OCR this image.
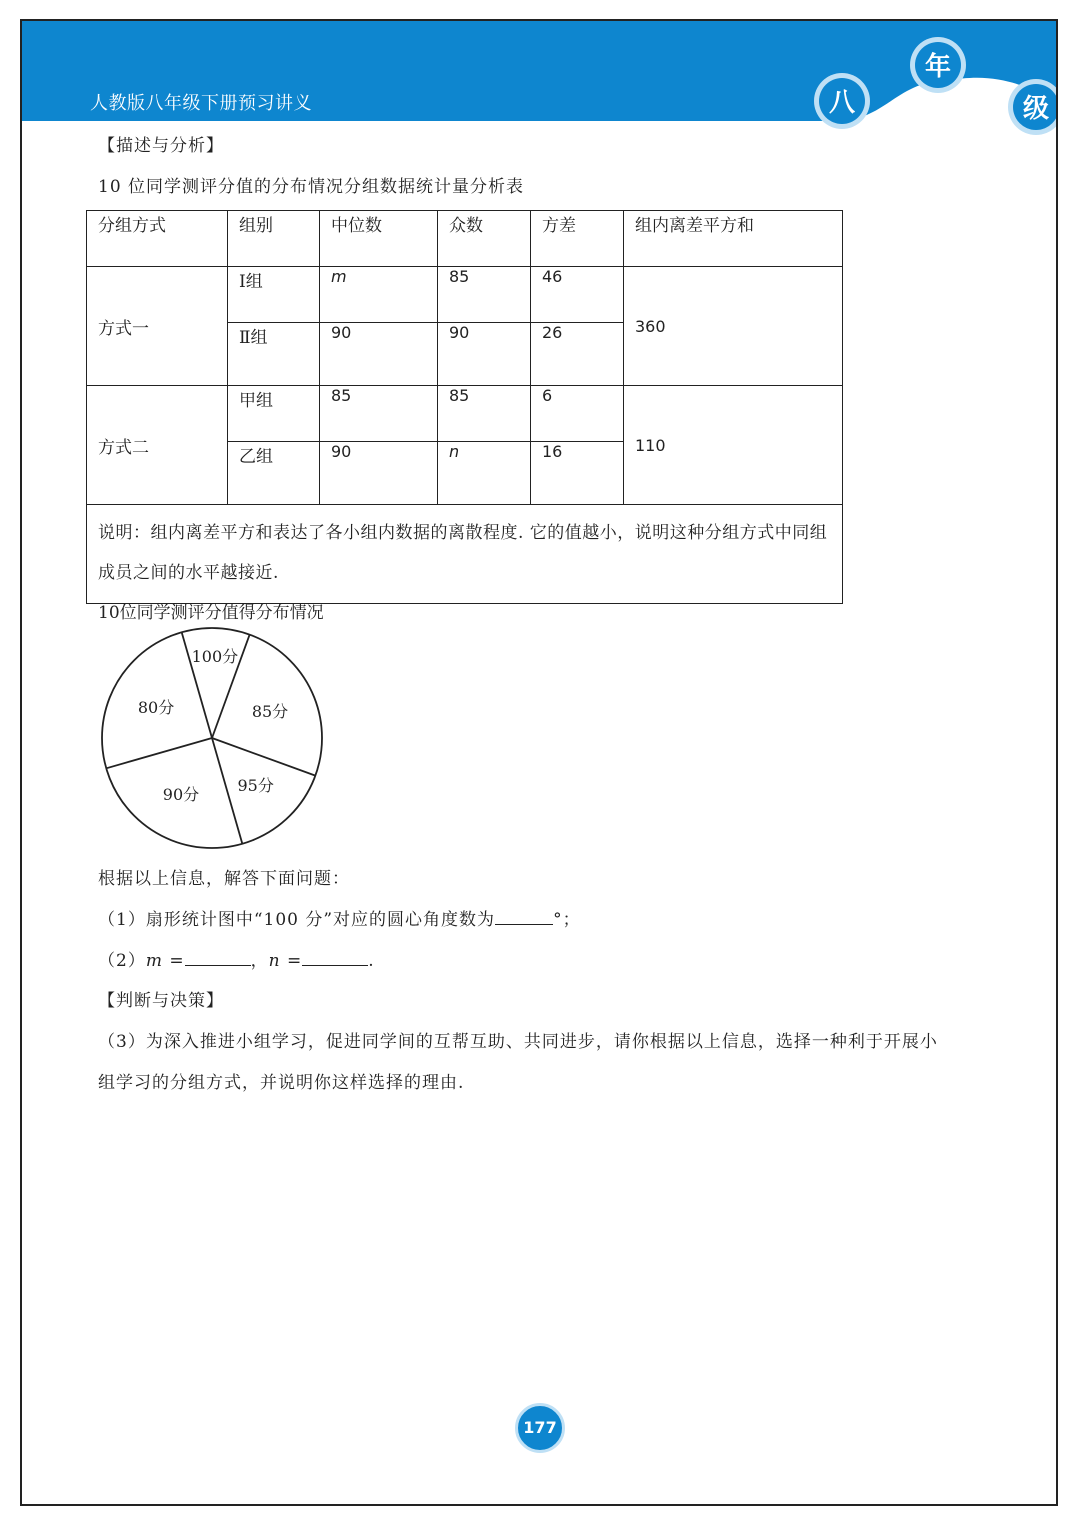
人教版八年级下册预习讲义	八
年
级
【描述与分析】
10 位同学测评分值的分布情况分组数据统计量分析表
分组方式	组别	中位数	众数	方差	组内离差平方和
方式一	Ⅰ组	m	85	46	360
	Ⅱ组	90	90	26	
方式二	甲组	85	85	6	110
	乙组	90	n	16	
说明：组内离差平方和表达了各小组内数据的离散程度. 它的值越小，说明这种分组方式中同组成员之间的水平越接近.					
10位同学测评分值得分布情况
100分
85分
95分
90分
80分
根据以上信息，解答下面问题：
（1）扇形统计图中“100 分”对应的圆心角度数为	°；
（2）m =	，n =	.
【判断与决策】
（3）为深入推进小组学习，促进同学间的互帮互助、共同进步，请你根据以上信息，选择一种利于开展小
组学习的分组方式，并说明你这样选择的理由.
177
